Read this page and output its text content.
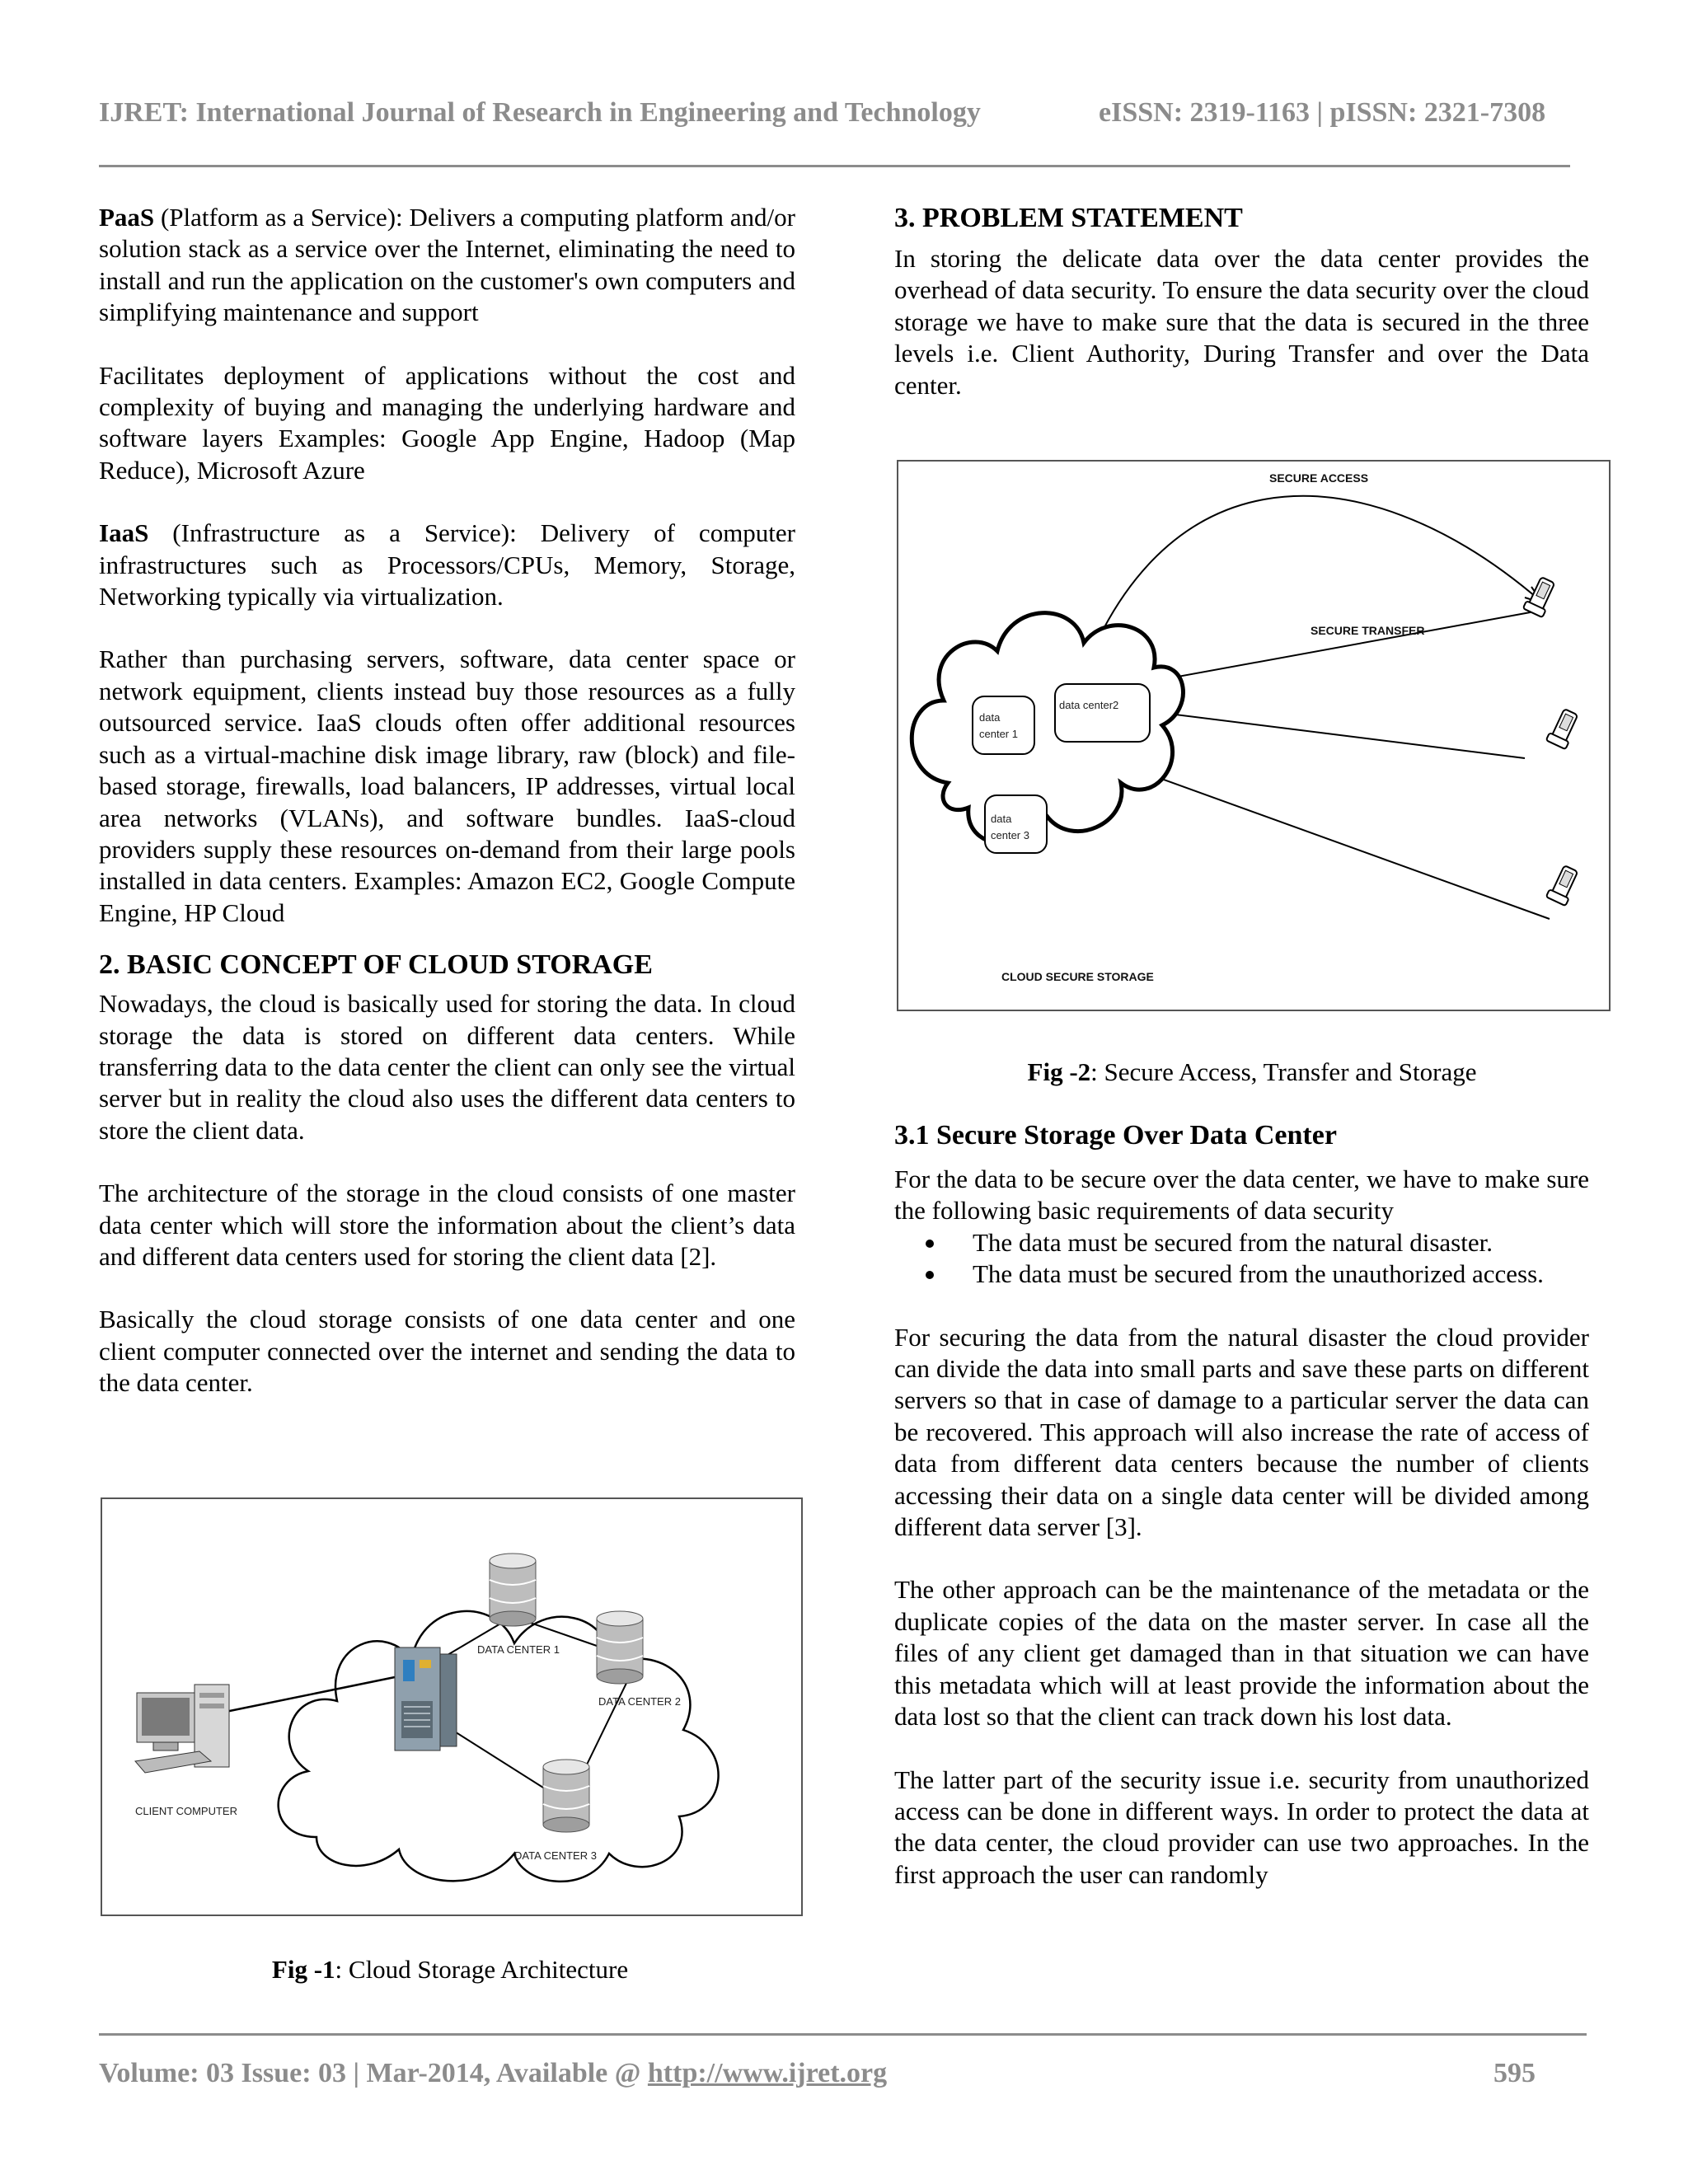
IJRET: International Journal of Research in Engineering and Technology	eISSN: 2319-1163 | pISSN: 2321-7308

PaaS (Platform as a Service): Delivers a computing platform and/or solution stack as a service over the Internet, eliminating the need to install and run the application on the customer's own computers and simplifying maintenance and support

Facilitates deployment of applications without the cost and complexity of buying and managing the underlying hardware and software layers Examples: Google App Engine, Hadoop (Map Reduce), Microsoft Azure

IaaS (Infrastructure as a Service): Delivery of computer infrastructures such as Processors/CPUs, Memory, Storage, Networking typically via virtualization.

Rather than purchasing servers, software, data center space or network equipment, clients instead buy those resources as a fully outsourced service. IaaS clouds often offer additional resources such as a virtual-machine disk image library, raw (block) and file-based storage, firewalls, load balancers, IP addresses, virtual local area networks (VLANs), and software bundles. IaaS-cloud providers supply these resources on-demand from their large pools installed in data centers. Examples: Amazon EC2, Google Compute Engine, HP Cloud

2. BASIC CONCEPT OF CLOUD STORAGE

Nowadays, the cloud is basically used for storing the data. In cloud storage the data is stored on different data centers. While transferring data to the data center the client can only see the virtual server but in reality the cloud also uses the different data centers to store the client data.

The architecture of the storage in the cloud consists of one master data center which will store the information about the client’s data and different data centers used for storing the client data [2].

Basically the cloud storage consists of one data center and one client computer connected over the internet and sending the data to the data center.

DATA CENTER 1
DATA CENTER 2
DATA CENTER 3
CLIENT COMPUTER
Fig -1: Cloud Storage Architecture
3. PROBLEM STATEMENT

In storing the delicate data over the data center provides the overhead of data security. To ensure the data security over the cloud storage we have to make sure that the data is secured in the three levels i.e. Client Authority, During Transfer and over the Data center.

SECURE ACCESS
SECURE TRANSFER
data
center 1
data center2
data
center 3
CLOUD SECURE STORAGE
Fig -2: Secure Access, Transfer and Storage
3.1 Secure Storage Over Data Center

For the data to be secure over the data center, we have to make sure the following basic requirements of data security

The data must be secured from the natural disaster.
The data must be secured from the unauthorized access.

For securing the data from the natural disaster the cloud provider can divide the data into small parts and save these parts on different servers so that in case of damage to a particular server the data can be recovered. This approach will also increase the rate of access of data from different data centers because the number of clients accessing their data on a single data center will be divided among different data server [3].

The other approach can be the maintenance of the metadata or the duplicate copies of the data on the master server. In case all the files of any client get damaged than in that situation we can have this metadata which will at least provide the information about the data lost so that the client can track down his lost data.

The latter part of the security issue i.e. security from unauthorized access can be done in different ways. In order to protect the data at the data center, the cloud provider can use two approaches. In the first approach the user can randomly

Volume: 03 Issue: 03 | Mar-2014, Available @ http://www.ijret.org	595
